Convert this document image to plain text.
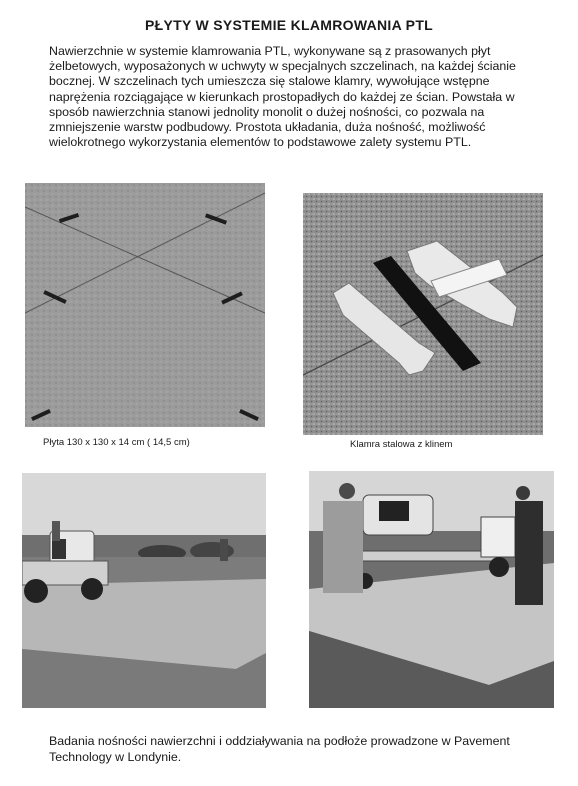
PŁYTY W SYSTEMIE KLAMROWANIA PTL
Nawierzchnie w systemie klamrowania PTL, wykonywane są z prasowanych płyt żelbetowych, wyposażonych w uchwyty w specjalnych szczelinach, na każdej ścianie bocznej. W szczelinach tych umieszcza się stalowe klamry, wywołujące wstępne naprężenia rozciągające w kierunkach prostopadłych do każdej ze ścian. Powstała w sposób nawierzchnia stanowi jednolity monolit o dużej nośności, co pozwala na zmniejszenie warstw podbudowy. Prostota układania, duża nośność, możliwość wielokrotnego wykorzystania elementów to podstawowe zalety systemu PTL.
Płyta 130 x 130 x 14 cm ( 14,5 cm)	Klamra stalowa z klinem
Badania nośności nawierzchni i oddziaływania na podłoże prowadzone w Pavement Technology w Londynie.
